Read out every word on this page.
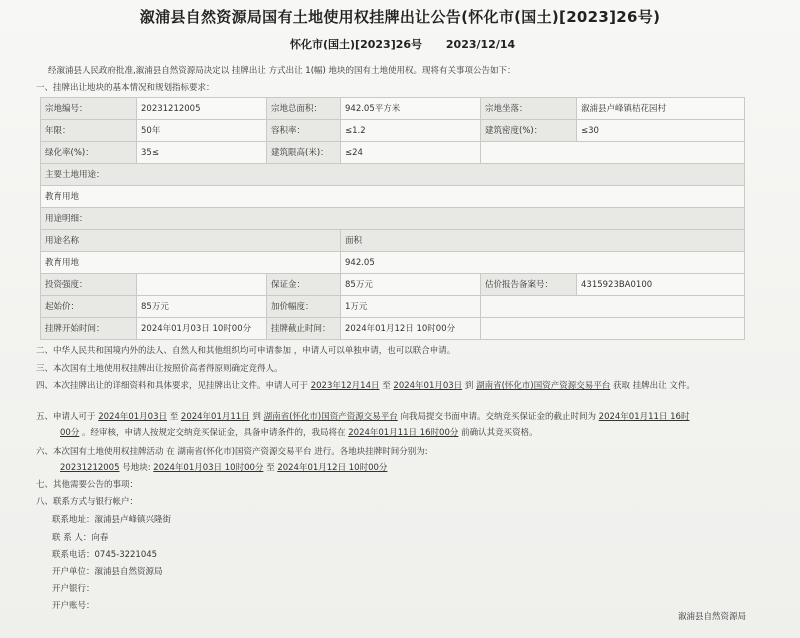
溆浦县自然资源局国有土地使用权挂牌出让公告(怀化市(国土)[2023]26号)
怀化市(国土)[2023]26号 2023/12/14
经溆浦县人民政府批准,溆浦县自然资源局决定以 挂牌出让 方式出让 1(幅) 地块的国有土地使用权。现将有关事项公告如下：
一、挂牌出让地块的基本情况和规划指标要求：
宗地编号：	20231212005	宗地总面积：	942.05平方米	宗地坐落：	溆浦县卢峰镇桔花园村
年限：	50年	容积率：	≤1.2	建筑密度(%)：	≤30
绿化率(%)：	35≤	建筑限高(米)：	≤24		
主要土地用途：					
教育用地					
用途明细：					
用途名称			面积		
教育用地			942.05		
投资强度：		保证金：	85万元	估价报告备案号：	4315923BA0100
起始价：	85万元	加价幅度：	1万元		
挂牌开始时间：	2024年01月03日 10时00分	挂牌截止时间：	2024年01月12日 10时00分		
二、中华人民共和国境内外的法人、自然人和其他组织均可申请参加 ，申请人可以单独申请，也可以联合申请。
三、本次国有土地使用权挂牌出让按照价高者得原则确定竞得人。
四、本次挂牌出让的详细资料和具体要求，见挂牌出让文件。申请人可于 2023年12月14日 至 2024年01月03日 到 湖南省(怀化市)国资产资源交易平台 获取 挂牌出让 文件。
五、申请人可于 2024年01月03日 至 2024年01月11日 到 湖南省(怀化市)国资产资源交易平台 向我局提交书面申请。交纳竞买保证金的截止时间为 2024年01月11日 16时
00分 。经审核，申请人按规定交纳竞买保证金，具备申请条件的，我局将在 2024年01月11日 16时00分 前确认其竞买资格。
六、本次国有土地使用权挂牌活动 在 湖南省(怀化市)国资产资源交易平台 进行。各地块挂牌时间分别为:
20231212005 号地块: 2024年01月03日 10时00分 至 2024年01月12日 10时00分
七、其他需要公告的事项：
八、联系方式与银行帐户：
联系地址：溆浦县卢峰镇兴隆街
联 系 人：向春
联系电话：0745-3221045
开户单位：溆浦县自然资源局
开户银行：
开户账号：
溆浦县自然资源局
